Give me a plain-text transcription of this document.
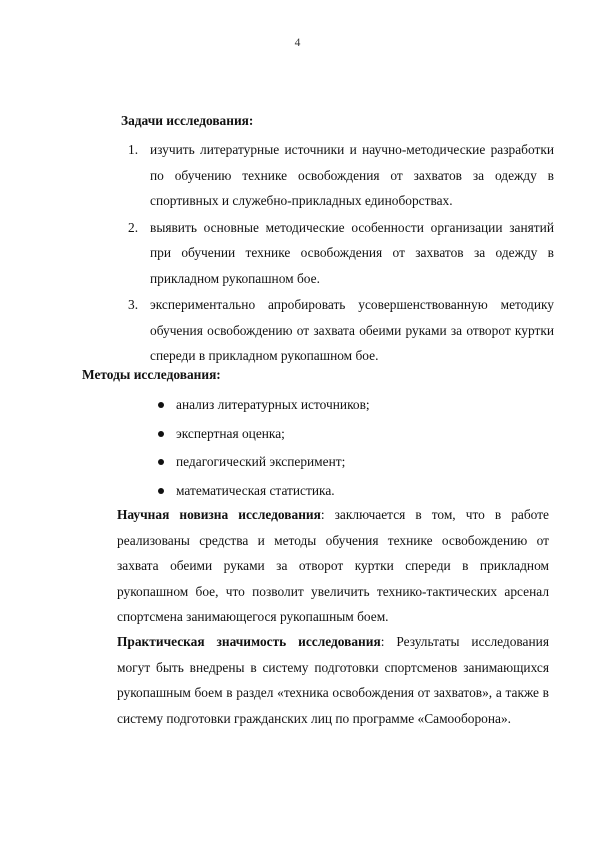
4
Задачи исследования:
1. изучить литературные источники и научно-методические разработки по обучению технике освобождения от захватов за одежду в спортивных и служебно-прикладных единоборствах.
2. выявить основные методические особенности организации занятий при обучении технике освобождения от захватов за одежду в прикладном рукопашном бое.
3. экспериментально апробировать усовершенствованную методику обучения освобождению от захвата обеими руками за отворот куртки спереди в прикладном рукопашном бое.
Методы исследования:
анализ литературных источников;
экспертная оценка;
педагогический эксперимент;
математическая статистика.

Научная новизна исследования: заключается в том, что в работе реализованы средства и методы обучения технике освобождению от захвата обеими руками за отворот куртки спереди в прикладном рукопашном бое, что позволит увеличить технико-тактических арсенал спортсмена занимающегося рукопашным боем.

Практическая значимость исследования: Результаты исследования могут быть внедрены в систему подготовки спортсменов занимающихся рукопашным боем в раздел «техника освобождения от захватов», а также в систему подготовки гражданских лиц по программе «Самооборона».
